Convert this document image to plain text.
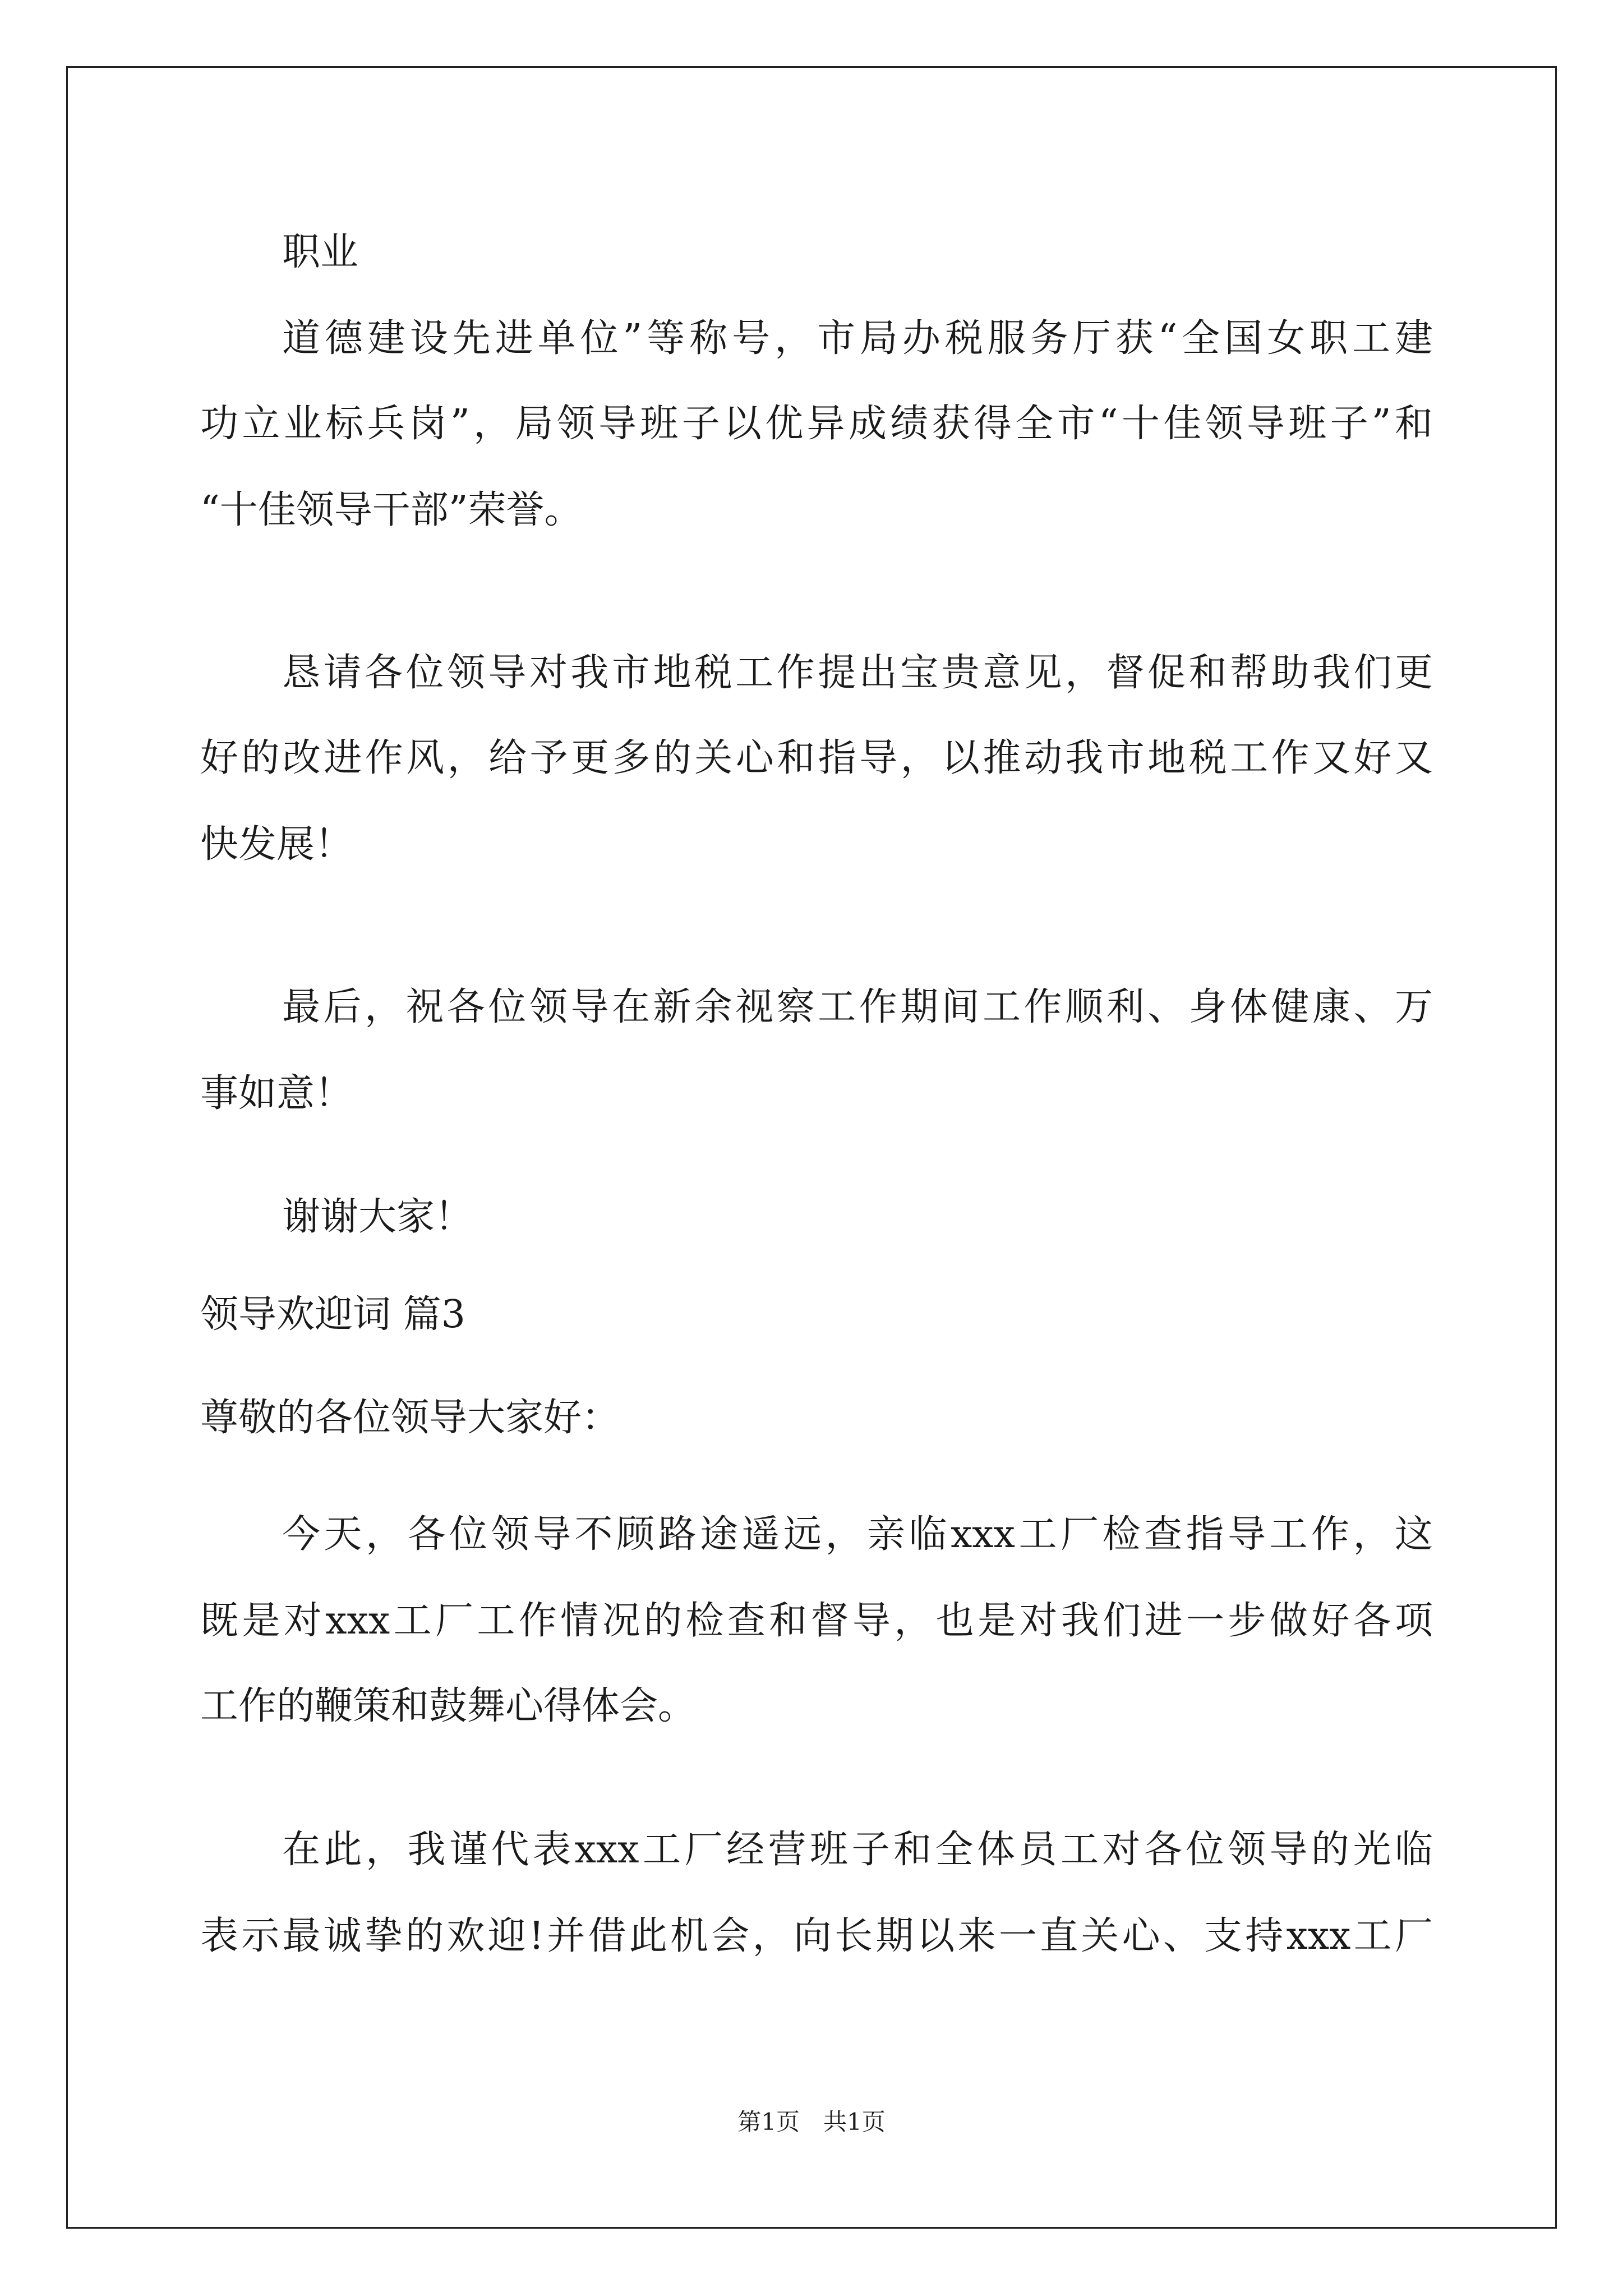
职业
道德建设先进单位”等称号，市局办税服务厅获“全国女职工建
功立业标兵岗”，局领导班子以优异成绩获得全市“十佳领导班子”和
“十佳领导干部”荣誉。
恳请各位领导对我市地税工作提出宝贵意见，督促和帮助我们更
好的改进作风，给予更多的关心和指导，以推动我市地税工作又好又
快发展！
最后，祝各位领导在新余视察工作期间工作顺利、身体健康、万
事如意！
谢谢大家！
领导欢迎词 篇3
尊敬的各位领导大家好：
今天，各位领导不顾路途遥远，亲临xxx工厂检查指导工作，这
既是对xxx工厂工作情况的检查和督导，也是对我们进一步做好各项
工作的鞭策和鼓舞心得体会。
在此，我谨代表xxx工厂经营班子和全体员工对各位领导的光临
表示最诚挚的欢迎!并借此机会，向长期以来一直关心、支持xxx工厂
第1页　共1页
